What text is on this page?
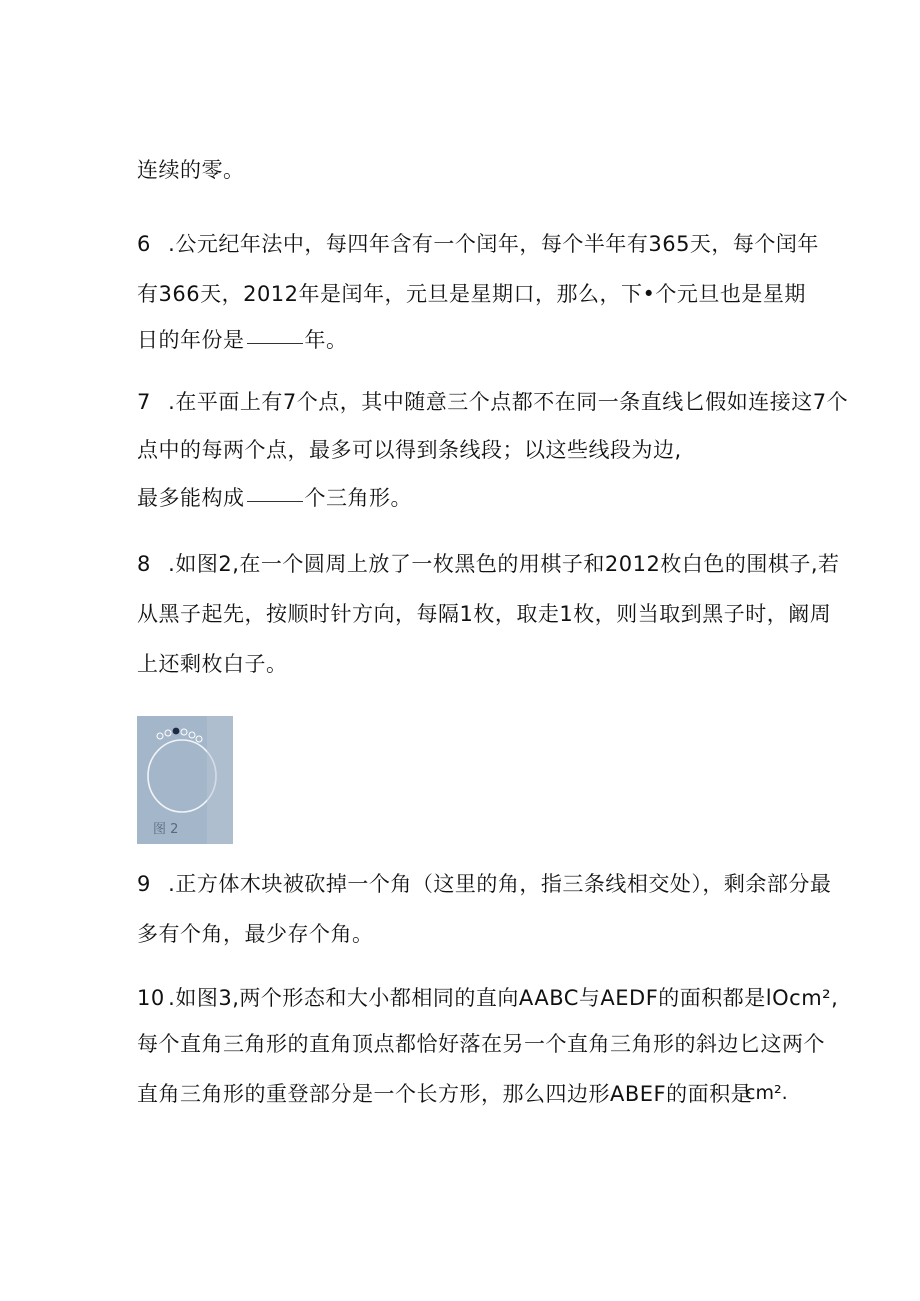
连续的零。
6 .公元纪年法中，每四年含有一个闰年，每个半年有365天，每个闰年
有366天，2012年是闰年，元旦是星期口，那么，下•个元旦也是星期
日的年份是	年。
7 .在平面上有7个点，其中随意三个点都不在同一条直线匕假如连接这7个
点中的每两个点，最多可以得到条线段；以这些线段为边,
最多能构成	个三角形。
8 .如图2,在一个圆周上放了一枚黑色的用棋子和2012枚白色的围棋子,若
从黑子起先，按顺时针方向，每隔1枚，取走1枚，则当取到黑子时，阚周
上还剩枚白子。
图 2
9 .正方体木块被砍掉一个角（这里的角，指三条线相交处），剩余部分最
多有个角，最少存个角。
10 .如图3,两个形态和大小都相同的直向AABC与AEDF的面积都是lOcm²,
每个直角三角形的直角顶点都恰好落在另一个直角三角形的斜边匕这两个
直角三角形的重登部分是一个长方形，那么四边形ABEF的面积是
cm².
